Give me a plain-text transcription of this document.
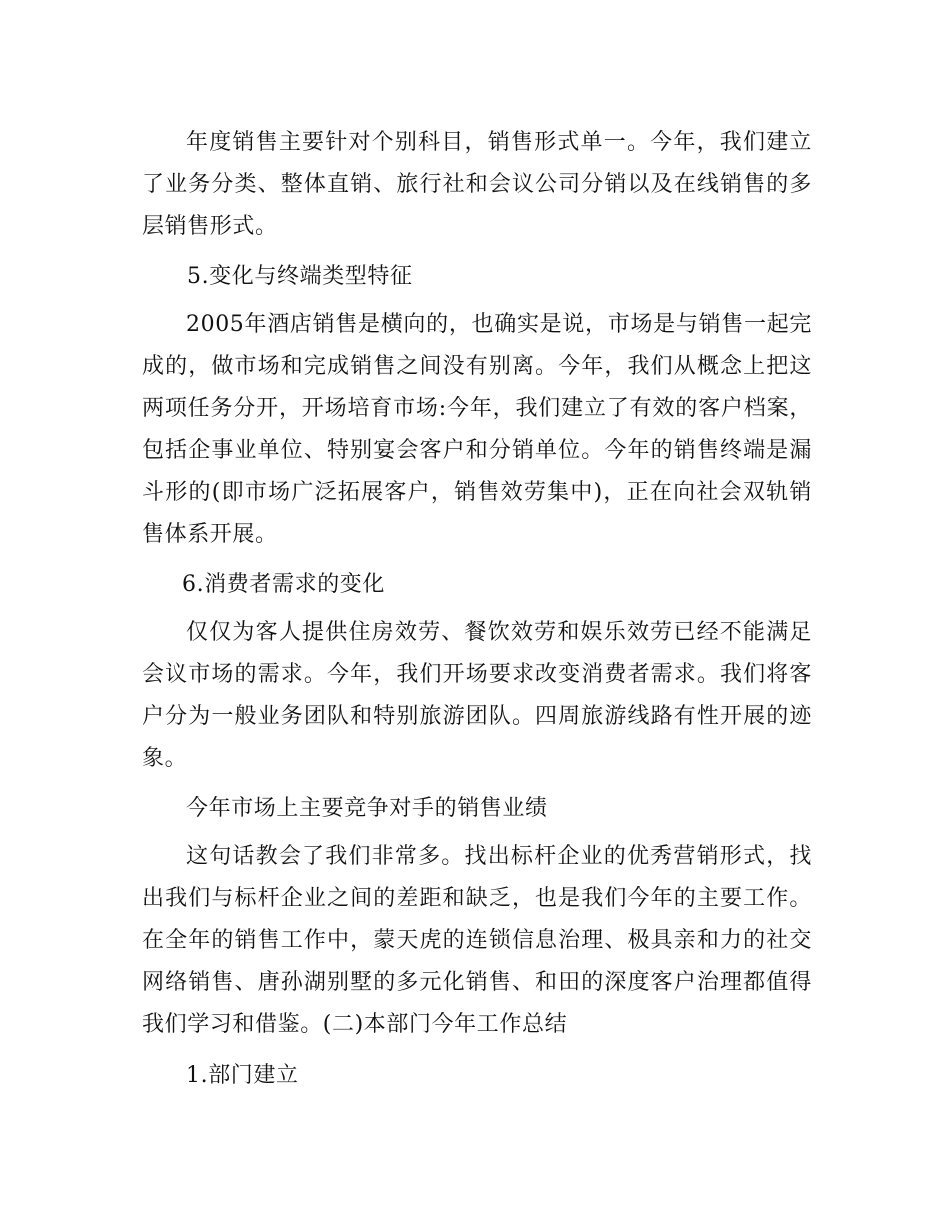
年度销售主要针对个别科目，销售形式单一。今年，我们建立了业务分类、整体直销、旅行社和会议公司分销以及在线销售的多层销售形式。

5.变化与终端类型特征

2005年酒店销售是横向的，也确实是说，市场是与销售一起完成的，做市场和完成销售之间没有别离。今年，我们从概念上把这两项任务分开，开场培育市场:今年，我们建立了有效的客户档案，包括企事业单位、特别宴会客户和分销单位。今年的销售终端是漏斗形的(即市场广泛拓展客户，销售效劳集中)，正在向社会双轨销售体系开展。

6.消费者需求的变化

仅仅为客人提供住房效劳、餐饮效劳和娱乐效劳已经不能满足会议市场的需求。今年，我们开场要求改变消费者需求。我们将客户分为一般业务团队和特别旅游团队。四周旅游线路有性开展的迹象。

今年市场上主要竞争对手的销售业绩

这句话教会了我们非常多。找出标杆企业的优秀营销形式，找出我们与标杆企业之间的差距和缺乏，也是我们今年的主要工作。在全年的销售工作中，蒙天虎的连锁信息治理、极具亲和力的社交网络销售、唐孙湖别墅的多元化销售、和田的深度客户治理都值得我们学习和借鉴。(二)本部门今年工作总结

1.部门建立
